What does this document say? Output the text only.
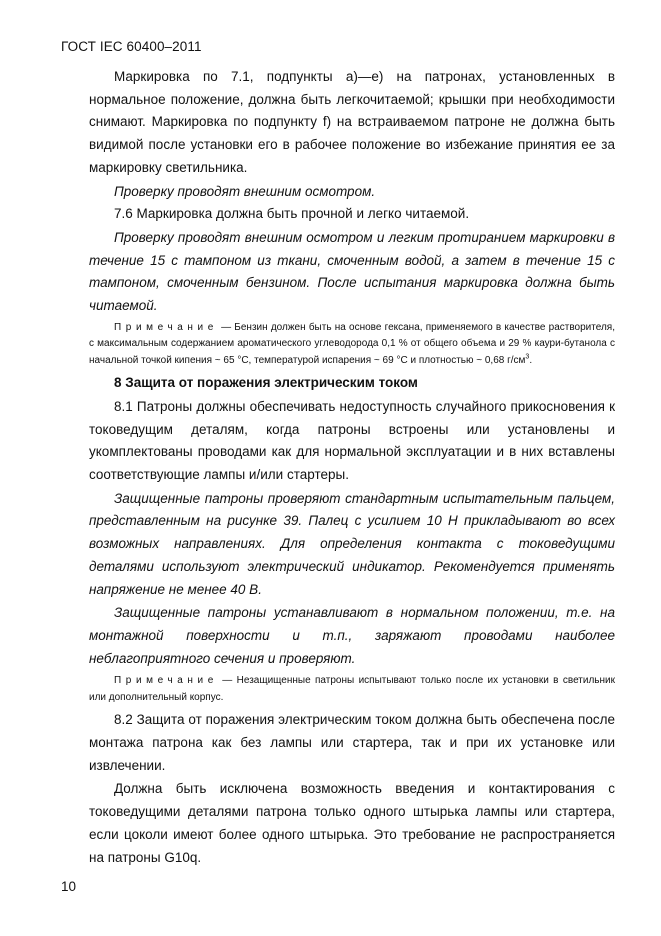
ГОСТ IEC 60400–2011

Маркировка по 7.1, подпункты а)—е) на патронах, установленных в нормальное положение, должна быть легкочитаемой; крышки при необходимости снимают. Маркировка по подпункту f) на встраиваемом патроне не должна быть видимой после установки его в рабочее положение во избежание принятия ее за маркировку светильника.

Проверку проводят внешним осмотром.

7.6 Маркировка должна быть прочной и легко читаемой.

Проверку проводят внешним осмотром и легким протиранием маркировки в течение 15 с тампоном из ткани, смоченным водой, а затем в течение 15 с тампоном, смоченным бензином. После испытания маркировка должна быть читаемой.

Примечание — Бензин должен быть на основе гексана, применяемого в качестве растворителя, с максимальным содержанием ароматического углеводорода 0,1 % от общего объема и 29 % каури-бутанола с начальной точкой кипения ~ 65 °С, температурой испарения ~ 69 °С и плотностью ~ 0,68 $г/см^3$.

8 Защита от поражения электрическим током

8.1 Патроны должны обеспечивать недоступность случайного прикосновения к токоведущим деталям, когда патроны встроены или установлены и укомплектованы проводами как для нормальной эксплуатации и в них вставлены соответствующие лампы и/или стартеры.

Защищенные патроны проверяют стандартным испытательным пальцем, представленным на рисунке 39. Палец с усилием 10 Н прикладывают во всех возможных направлениях. Для определения контакта с токоведущими деталями используют электрический индикатор. Рекомендуется применять напряжение не менее 40 В.

Защищенные патроны устанавливают в нормальном положении, т.е. на монтажной поверхности и т.п., заряжают проводами наиболее неблагоприятного сечения и проверяют.

Примечание — Незащищенные патроны испытывают только после их установки в светильник или дополнительный корпус.

8.2 Защита от поражения электрическим током должна быть обеспечена после монтажа патрона как без лампы или стартера, так и при их установке или извлечении.

Должна быть исключена возможность введения и контактирования с токоведущими деталями патрона только одного штырька лампы или стартера, если цоколи имеют более одного штырька. Это требование не распространяется на патроны G10q.

10
